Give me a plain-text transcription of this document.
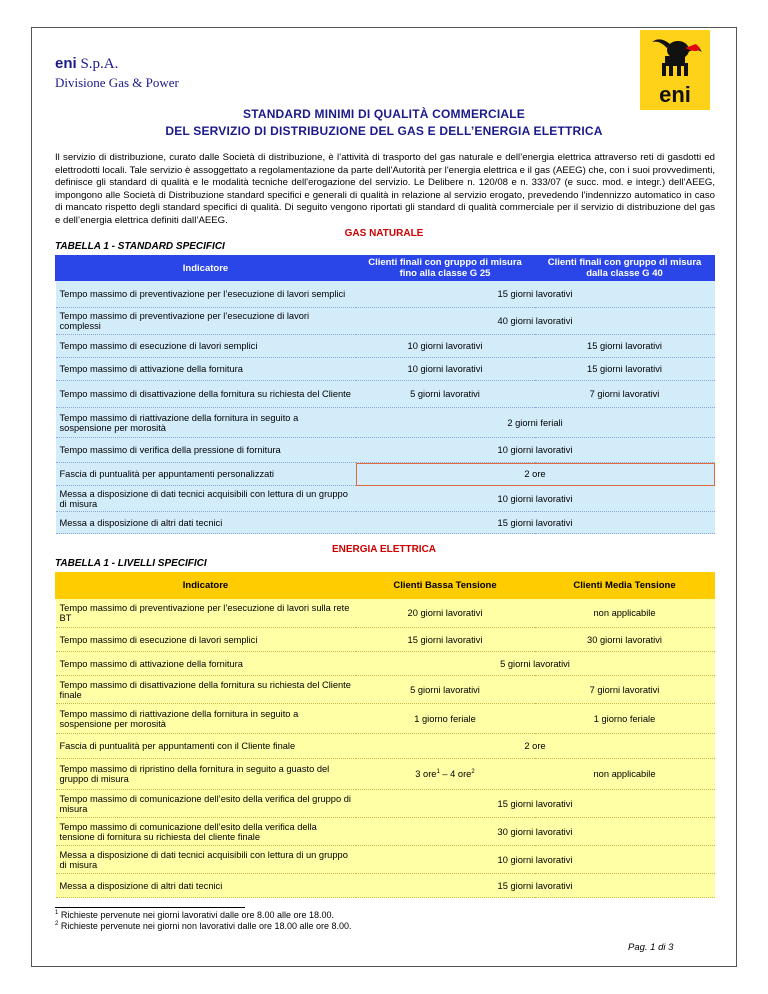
eni S.p.A.
Divisione Gas & Power	eni
STANDARD MINIMI DI QUALITÀ COMMERCIALE
DEL SERVIZIO DI DISTRIBUZIONE DEL GAS E DELL’ENERGIA ELETTRICA
Il servizio di distribuzione, curato dalle Società di distribuzione, è l’attività di trasporto del gas naturale e dell’energia elettrica attraverso reti di gasdotti ed elettrodotti locali. Tale servizio è assoggettato a regolamentazione da parte dell'Autorità per l'energia elettrica e il gas (AEEG) che, con i suoi provvedimenti, definisce gli standard di qualità e le modalità tecniche dell'erogazione del servizio. Le Delibere n. 120/08 e n. 333/07 (e succ. mod. e integr.) dell’AEEG, impongono alle Società di Distribuzione standard specifici e generali di qualità in relazione al servizio erogato, prevedendo l’indennizzo automatico in caso di mancato rispetto degli standard specifici di qualità. Di seguito vengono riportati gli standard di qualità commerciale per il servizio di distribuzione del gas e dell’energia elettrica definiti dall’AEEG.
GAS NATURALE
TABELLA 1 - STANDARD SPECIFICI
Indicatore	Clienti finali con gruppo di misura fino alla classe G 25	Clienti finali con gruppo di misura dalla classe G 40
Tempo massimo di preventivazione per l’esecuzione di lavori semplici	15 giorni lavorativi	
Tempo massimo di preventivazione per l’esecuzione di lavori complessi	40 giorni lavorativi	
Tempo massimo di esecuzione di lavori semplici	10 giorni lavorativi	15 giorni lavorativi
Tempo massimo di attivazione della fornitura	10 giorni lavorativi	15 giorni lavorativi
Tempo massimo di disattivazione della fornitura su richiesta del Cliente	5 giorni lavorativi	7 giorni lavorativi
Tempo massimo di riattivazione della fornitura in seguito a sospensione per morosità	2 giorni feriali	
Tempo massimo di verifica della pressione di fornitura	10 giorni lavorativi	
Fascia di puntualità per appuntamenti personalizzati	2 ore	
Messa a disposizione di dati tecnici acquisibili con lettura di un gruppo di misura	10 giorni lavorativi	
Messa a disposizione di altri dati tecnici	15 giorni lavorativi	
ENERGIA ELETTRICA
TABELLA 1 - LIVELLI SPECIFICI
Indicatore	Clienti Bassa Tensione	Clienti Media Tensione
Tempo massimo di preventivazione per l’esecuzione di lavori sulla rete BT	20 giorni lavorativi	non applicabile
Tempo massimo di esecuzione di lavori semplici	15 giorni lavorativi	30 giorni lavorativi
Tempo massimo di attivazione della fornitura	5 giorni lavorativi	
Tempo massimo di disattivazione della fornitura su richiesta del Cliente finale	5 giorni lavorativi	7 giorni lavorativi
Tempo massimo di riattivazione della fornitura in seguito a sospensione per morosità	1 giorno feriale	1 giorno feriale
Fascia di puntualità per appuntamenti con il Cliente finale	2 ore	
Tempo massimo di ripristino della fornitura in seguito a guasto del gruppo di misura	3 ore$^1$ – 4 ore$^2$	non applicabile
Tempo massimo di comunicazione dell’esito della verifica del gruppo di misura	15 giorni lavorativi	
Tempo massimo di comunicazione dell’esito della verifica della tensione di fornitura su richiesta del cliente finale	30 giorni lavorativi	
Messa a disposizione di dati tecnici acquisibili con lettura di un gruppo di misura	10 giorni lavorativi	
Messa a disposizione di altri dati tecnici	15 giorni lavorativi	
$^1$ Richieste pervenute nei giorni lavorativi dalle ore 8.00 alle ore 18.00.
$^2$ Richieste pervenute nei giorni non lavorativi dalle ore 18.00 alle ore 8.00.
Pag. 1 di 3
